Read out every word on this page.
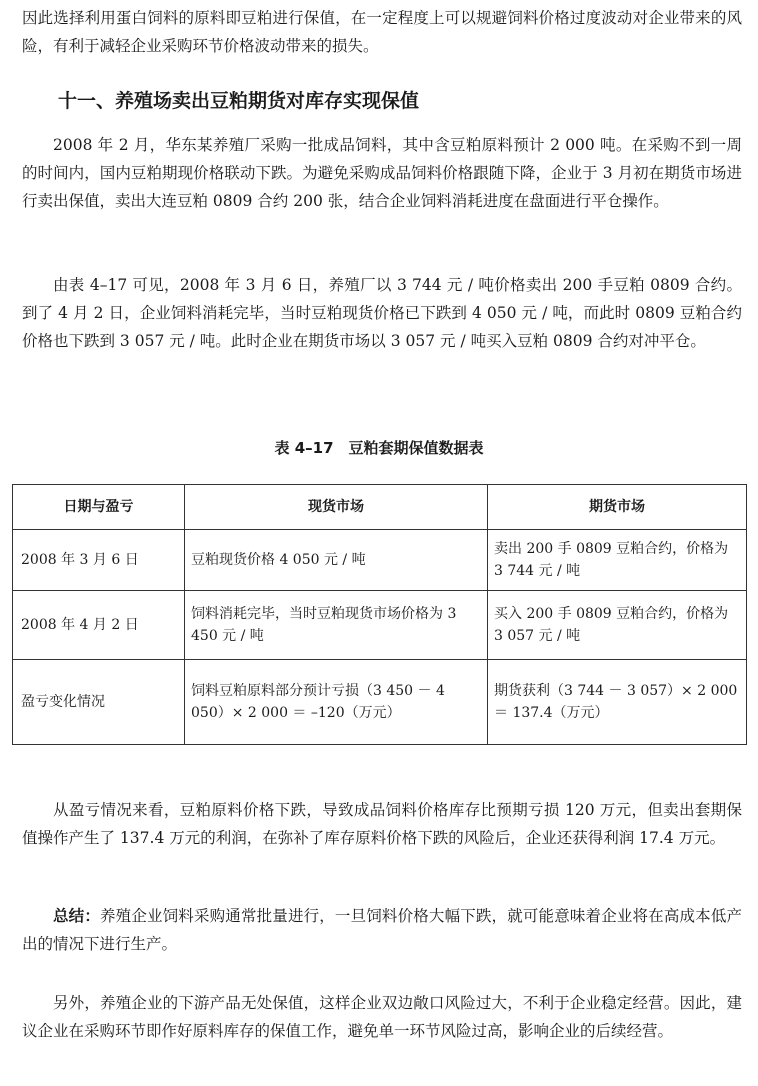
因此选择利用蛋白饲料的原料即豆粕进行保值，在一定程度上可以规避饲料价格过度波动对企业带来的风险，有利于减轻企业采购环节价格波动带来的损失。

十一、养殖场卖出豆粕期货对库存实现保值

2008 年 2 月，华东某养殖厂采购一批成品饲料，其中含豆粕原料预计 2 000 吨。在采购不到一周的时间内，国内豆粕期现价格联动下跌。为避免采购成品饲料价格跟随下降，企业于 3 月初在期货市场进行卖出保值，卖出大连豆粕 0809 合约 200 张，结合企业饲料消耗进度在盘面进行平仓操作。

由表 4–17 可见，2008 年 3 月 6 日，养殖厂以 3 744 元 / 吨价格卖出 200 手豆粕 0809 合约。到了 4 月 2 日，企业饲料消耗完毕，当时豆粕现货价格已下跌到 4 050 元 / 吨，而此时 0809 豆粕合约价格也下跌到 3 057 元 / 吨。此时企业在期货市场以 3 057 元 / 吨买入豆粕 0809 合约对冲平仓。

表 4–17　豆粕套期保值数据表
日期与盈亏	现货市场	期货市场
2008 年 3 月 6 日	豆粕现货价格 4 050 元 / 吨	卖出 200 手 0809 豆粕合约，价格为 3 744 元 / 吨
2008 年 4 月 2 日	饲料消耗完毕，当时豆粕现货市场价格为 3 450 元 / 吨	买入 200 手 0809 豆粕合约，价格为 3 057 元 / 吨
盈亏变化情况	饲料豆粕原料部分预计亏损（3 450 － 4 050）× 2 000 ＝ –120（万元）	期货获利（3 744 － 3 057）× 2 000 ＝ 137.4（万元）

从盈亏情况来看，豆粕原料价格下跌，导致成品饲料价格库存比预期亏损 120 万元，但卖出套期保值操作产生了 137.4 万元的利润，在弥补了库存原料价格下跌的风险后，企业还获得利润 17.4 万元。

总结：养殖企业饲料采购通常批量进行，一旦饲料价格大幅下跌，就可能意味着企业将在高成本低产出的情况下进行生产。

另外，养殖企业的下游产品无处保值，这样企业双边敞口风险过大，不利于企业稳定经营。因此，建议企业在采购环节即作好原料库存的保值工作，避免单一环节风险过高，影响企业的后续经营。
